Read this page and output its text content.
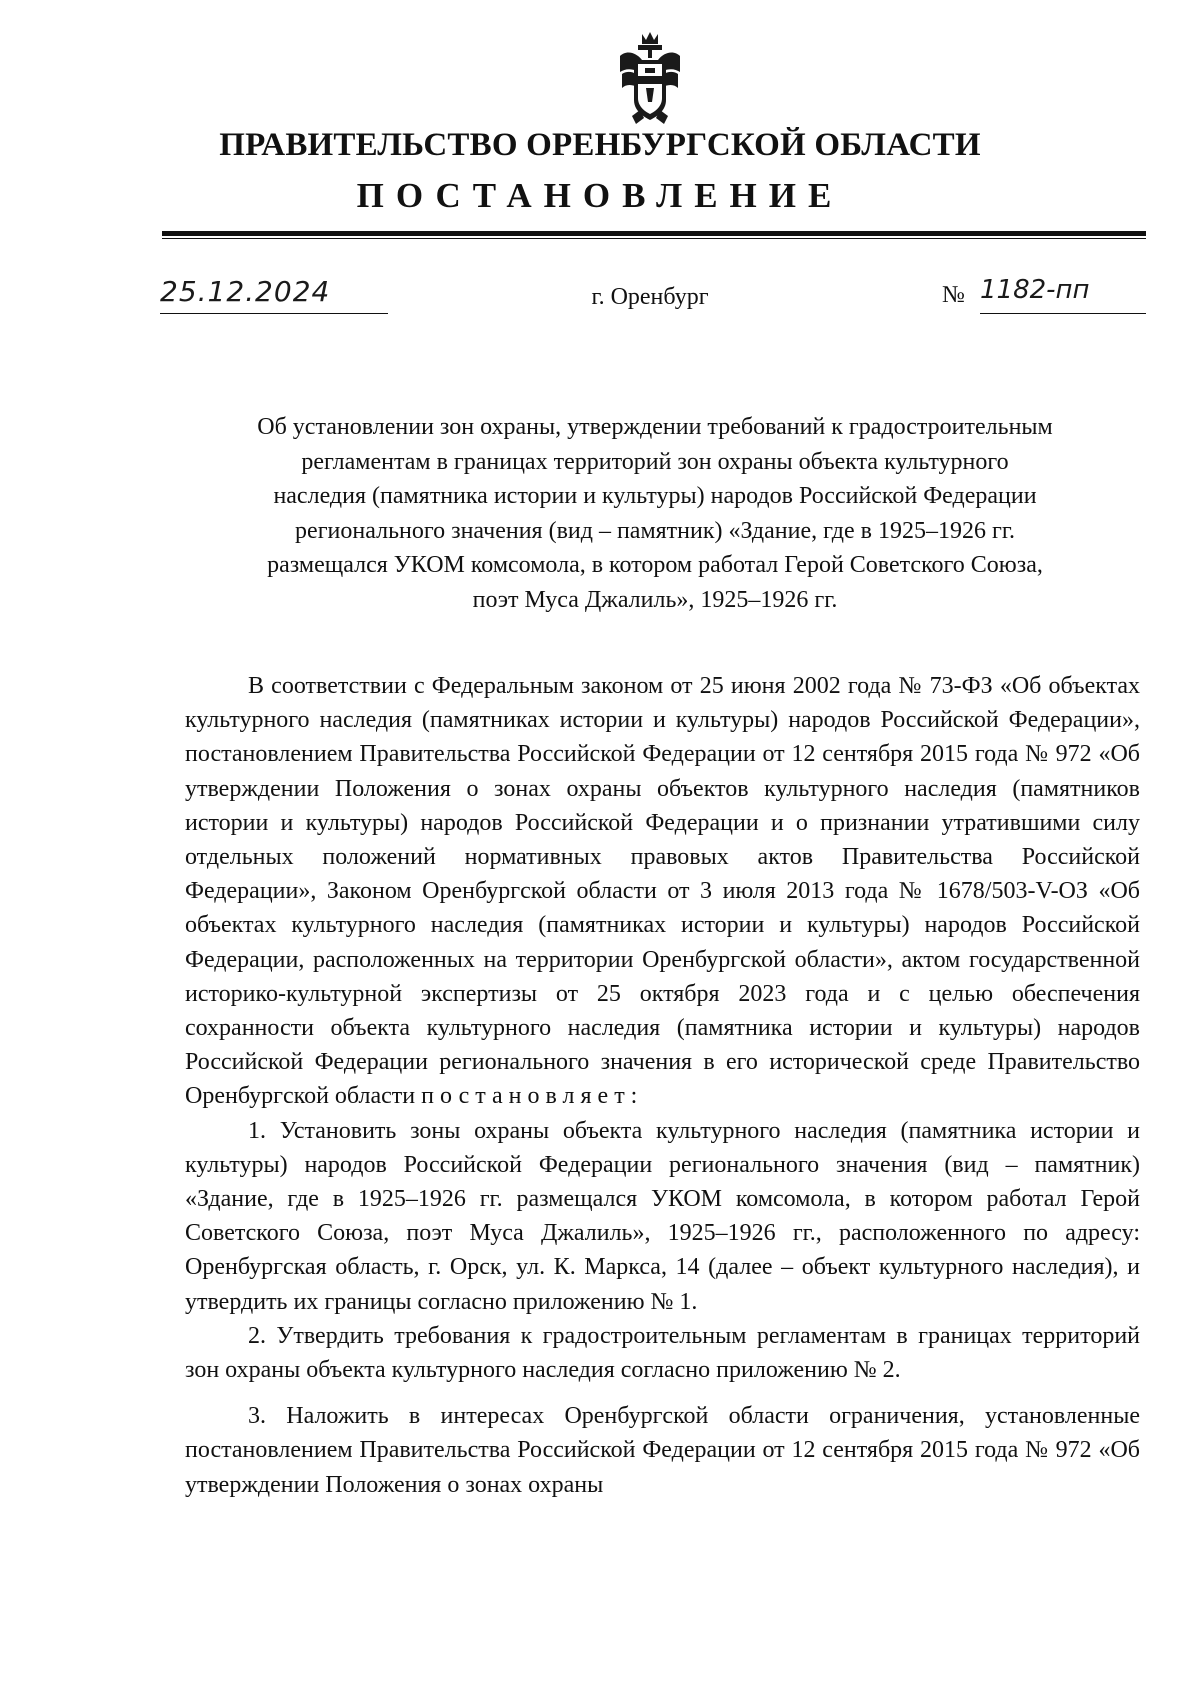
ПРАВИТЕЛЬСТВО ОРЕНБУРГСКОЙ ОБЛАСТИ
ПОСТАНОВЛЕНИЕ
25.12.2024	г. Оренбург	№ 1182-пп

Об установлении зон охраны, утверждении требований к градостроительным
регламентам в границах территорий зон охраны объекта культурного
наследия (памятника истории и культуры) народов Российской Федерации
регионального значения (вид – памятник) «Здание, где в 1925–1926 гг.
размещался УКОМ комсомола, в котором работал Герой Советского Союза,
поэт Муса Джалиль», 1925–1926 гг.

В соответствии с Федеральным законом от 25 июня 2002 года № 73-ФЗ «Об объектах культурного наследия (памятниках истории и культуры) народов Российской Федерации», постановлением Правительства Российской Федерации от 12 сентября 2015 года № 972 «Об утверждении Положения о зонах охраны объектов культурного наследия (памятников истории и культуры) народов Российской Федерации и о признании утратившими силу отдельных положений нормативных правовых актов Правительства Российской Федерации», Законом Оренбургской области от 3 июля 2013 года № 1678/503-V-ОЗ «Об объектах культурного наследия (памятниках истории и культуры) народов Российской Федерации, расположенных на территории Оренбургской области», актом государственной историко-культурной экспертизы от 25 октября 2023 года и с целью обеспечения сохранности объекта культурного наследия (памятника истории и культуры) народов Российской Федерации регионального значения в его исторической среде Правительство Оренбургской области постановляет:

1. Установить зоны охраны объекта культурного наследия (памятника истории и культуры) народов Российской Федерации регионального значения (вид – памятник) «Здание, где в 1925–1926 гг. размещался УКОМ комсомола, в котором работал Герой Советского Союза, поэт Муса Джалиль», 1925–1926 гг., расположенного по адресу: Оренбургская область, г. Орск, ул. К. Маркса, 14 (далее – объект культурного наследия), и утвердить их границы согласно приложению № 1.

2. Утвердить требования к градостроительным регламентам в границах территорий зон охраны объекта культурного наследия согласно приложению № 2.

3. Наложить в интересах Оренбургской области ограничения, установленные постановлением Правительства Российской Федерации от 12 сентября 2015 года № 972 «Об утверждении Положения о зонах охраны
